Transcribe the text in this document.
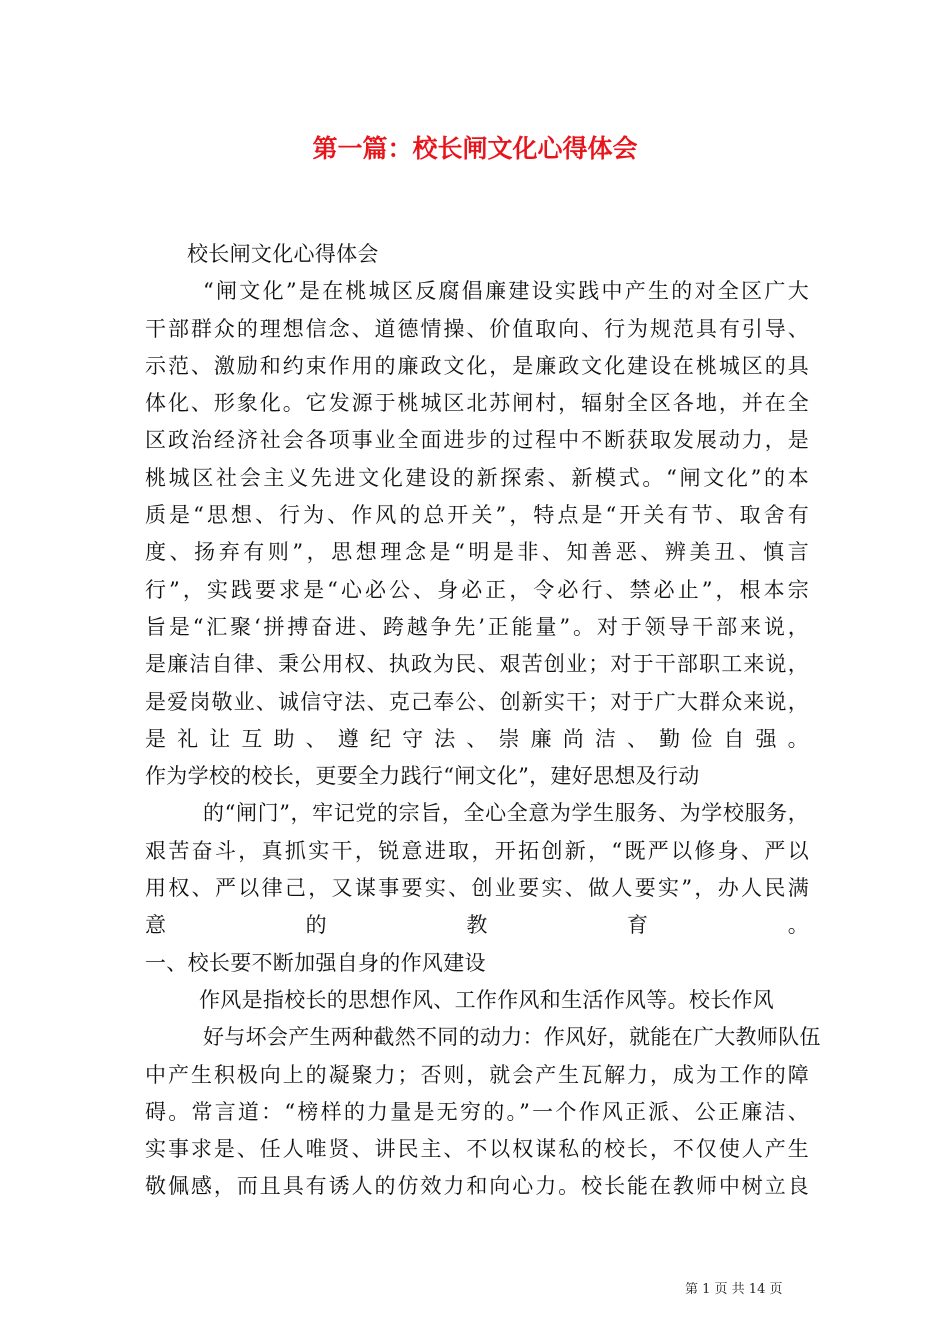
第一篇：校长闸文化心得体会
校长闸文化心得体会
“闸文化”是在桃城区反腐倡廉建设实践中产生的对全区广大
干部群众的理想信念、道德情操、价值取向、行为规范具有引导、
示范、激励和约束作用的廉政文化，是廉政文化建设在桃城区的具
体化、形象化。它发源于桃城区北苏闸村，辐射全区各地，并在全
区政治经济社会各项事业全面进步的过程中不断获取发展动力，是
桃城区社会主义先进文化建设的新探索、新模式。“闸文化”的本
质是“思想、行为、作风的总开关”，特点是“开关有节、取舍有
度、扬弃有则”，思想理念是“明是非、知善恶、辨美丑、慎言
行”，实践要求是“心必公、身必正，令必行、禁必止”，根本宗
旨是“汇聚‘拼搏奋进、跨越争先’正能量”。对于领导干部来说，
是廉洁自律、秉公用权、执政为民、艰苦创业；对于干部职工来说，
是爱岗敬业、诚信守法、克己奉公、创新实干；对于广大群众来说，
是礼让互助、遵纪守法、崇廉尚洁、勤俭自强。
作为学校的校长，更要全力践行“闸文化”，建好思想及行动
的“闸门”，牢记党的宗旨，全心全意为学生服务、为学校服务，
艰苦奋斗，真抓实干，锐意进取，开拓创新，“既严以修身、严以
用权、严以律己，又谋事要实、创业要实、做人要实”，办人民满
意的教育。
一、校长要不断加强自身的作风建设
作风是指校长的思想作风、工作作风和生活作风等。校长作风
好与坏会产生两种截然不同的动力：作风好，就能在广大教师队伍
中产生积极向上的凝聚力；否则，就会产生瓦解力，成为工作的障
碍。常言道：“榜样的力量是无穷的。”一个作风正派、公正廉洁、
实事求是、任人唯贤、讲民主、不以权谋私的校长，不仅使人产生
敬佩感，而且具有诱人的仿效力和向心力。校长能在教师中树立良
第 1 页 共 14 页
